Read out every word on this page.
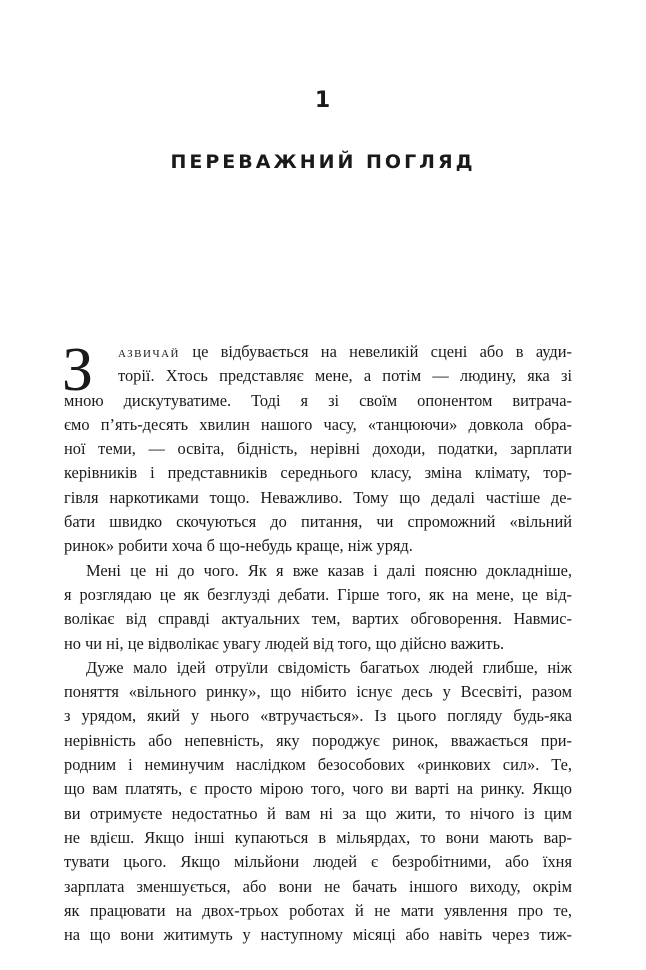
1
ПЕРЕВАЖНИЙ ПОГЛЯД
З	азвичай це відбувається на невеликій сцені або в ауди-
торії. Хтось представляє мене, а потім — людину, яка зі
мною дискутуватиме. Тоді я зі своїм опонентом витрача-
ємо п’ять-десять хвилин нашого часу, «танцюючи» довкола обра-
ної теми, — освіта, бідність, нерівні доходи, податки, зарплати
керівників і представників середнього класу, зміна клімату, тор-
гівля наркотиками тощо. Неважливо. Тому що дедалі частіше де-
бати швидко скочуються до питання, чи спроможний «вільний
ринок» робити хоча б що-небудь краще, ніж уряд.
Мені це ні до чого. Як я вже казав і далі поясню докладніше,
я розглядаю це як безглузді дебати. Гірше того, як на мене, це від-
волікає від справді актуальних тем, вартих обговорення. Навмис-
но чи ні, це відволікає увагу людей від того, що дійсно важить.
Дуже мало ідей отруїли свідомість багатьох людей глибше, ніж
поняття «вільного ринку», що нібито існує десь у Всесвіті, разом
з урядом, який у нього «втручається». Із цього погляду будь-яка
нерівність або непевність, яку породжує ринок, вважається при-
родним і неминучим наслідком безособових «ринкових сил». Те,
що вам платять, є просто мірою того, чого ви варті на ринку. Якщо
ви отримуєте недостатньо й вам ні за що жити, то нічого із цим
не вдієш. Якщо інші купаються в мільярдах, то вони мають вар-
тувати цього. Якщо мільйони людей є безробітними, або їхня
зарплата зменшується, або вони не бачать іншого виходу, окрім
як працювати на двох-трьох роботах й не мати уявлення про те,
на що вони житимуть у наступному місяці або навіть через тиж-
